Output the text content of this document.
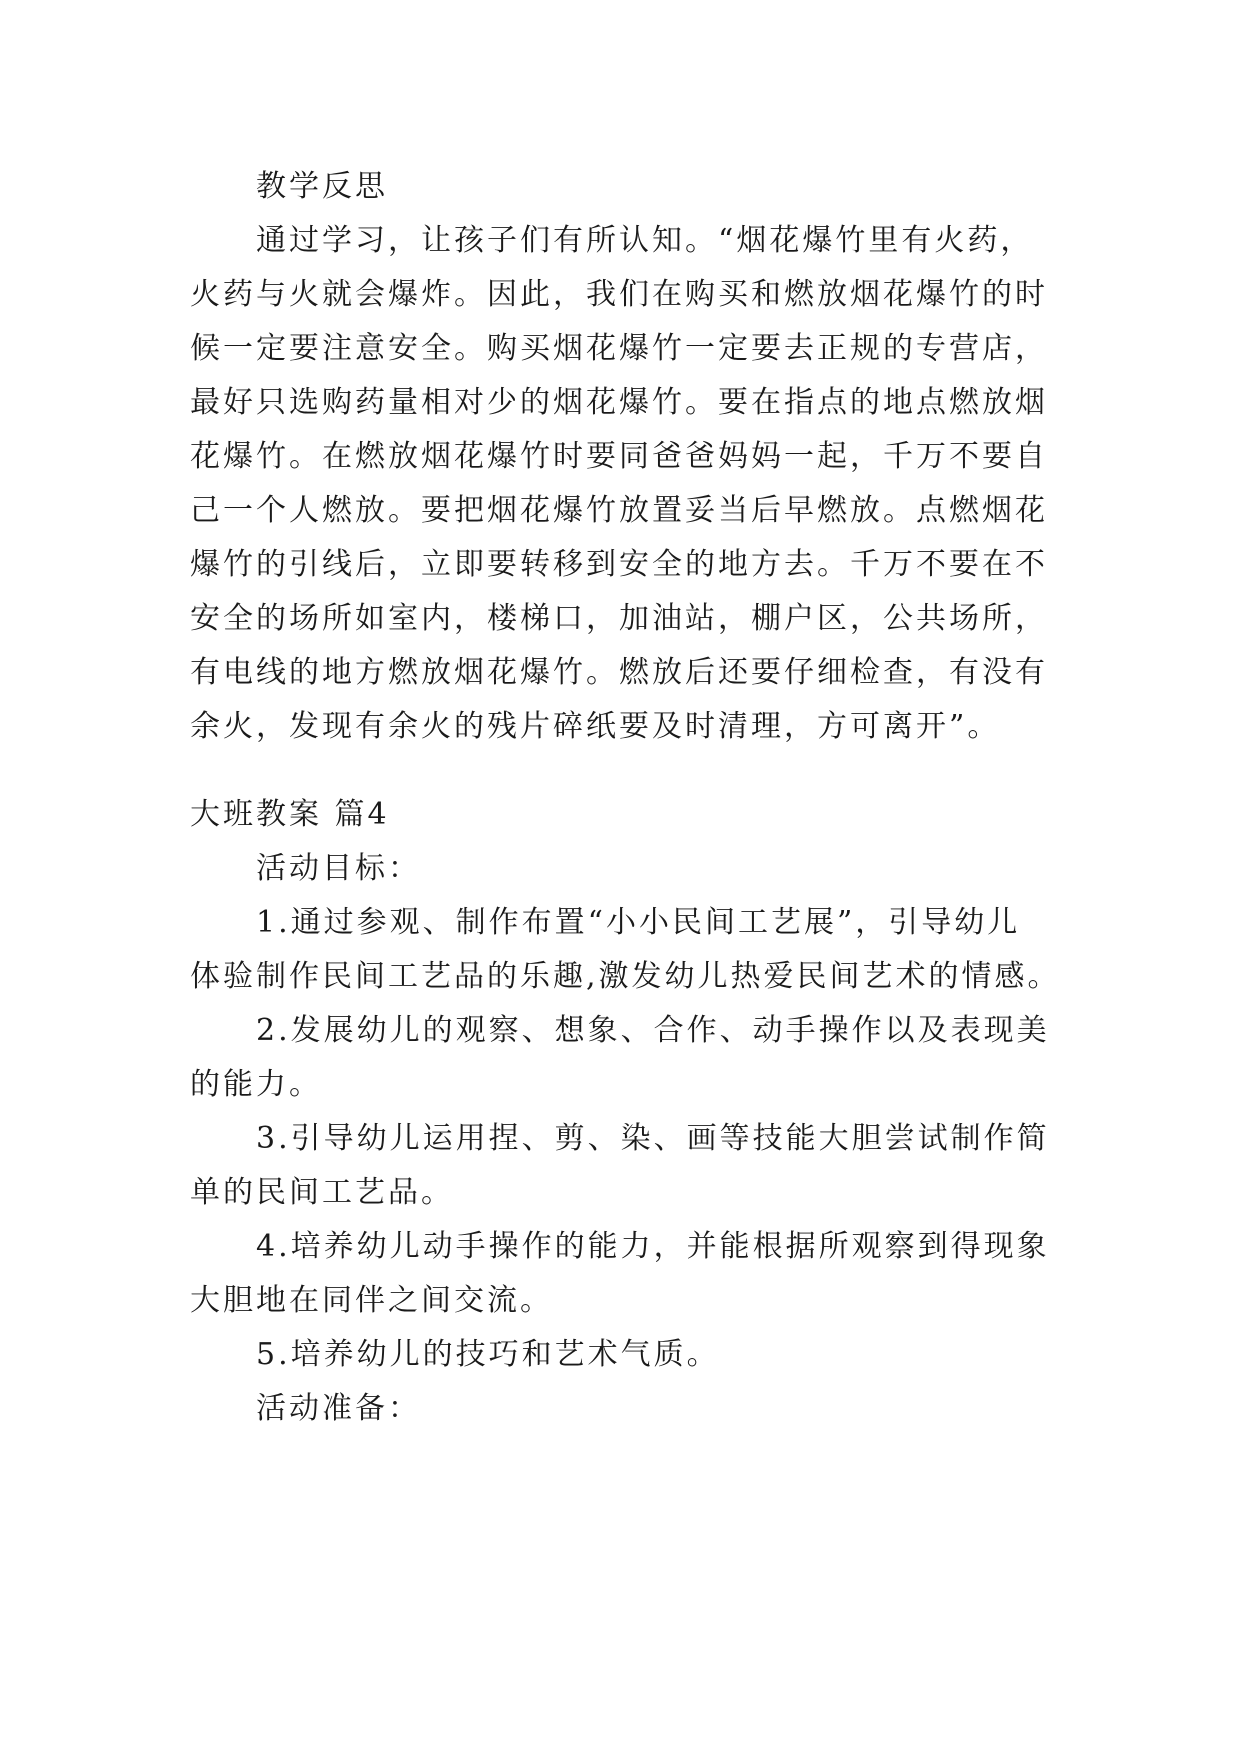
教学反思

通过学习，让孩子们有所认知。“烟花爆竹里有火药，

火药与火就会爆炸。因此，我们在购买和燃放烟花爆竹的时

候一定要注意安全。购买烟花爆竹一定要去正规的专营店，

最好只选购药量相对少的烟花爆竹。要在指点的地点燃放烟

花爆竹。在燃放烟花爆竹时要同爸爸妈妈一起，千万不要自

己一个人燃放。要把烟花爆竹放置妥当后早燃放。点燃烟花

爆竹的引线后，立即要转移到安全的地方去。千万不要在不

安全的场所如室内，楼梯口，加油站，棚户区，公共场所，

有电线的地方燃放烟花爆竹。燃放后还要仔细检查，有没有

余火，发现有余火的残片碎纸要及时清理，方可离开”。

大班教案 篇4

活动目标：

1.通过参观、制作布置“小小民间工艺展”，引导幼儿

体验制作民间工艺品的乐趣,激发幼儿热爱民间艺术的情感。

2.发展幼儿的观察、想象、合作、动手操作以及表现美

的能力。

3.引导幼儿运用捏、剪、染、画等技能大胆尝试制作简

单的民间工艺品。

4.培养幼儿动手操作的能力，并能根据所观察到得现象

大胆地在同伴之间交流。

5.培养幼儿的技巧和艺术气质。

活动准备：
